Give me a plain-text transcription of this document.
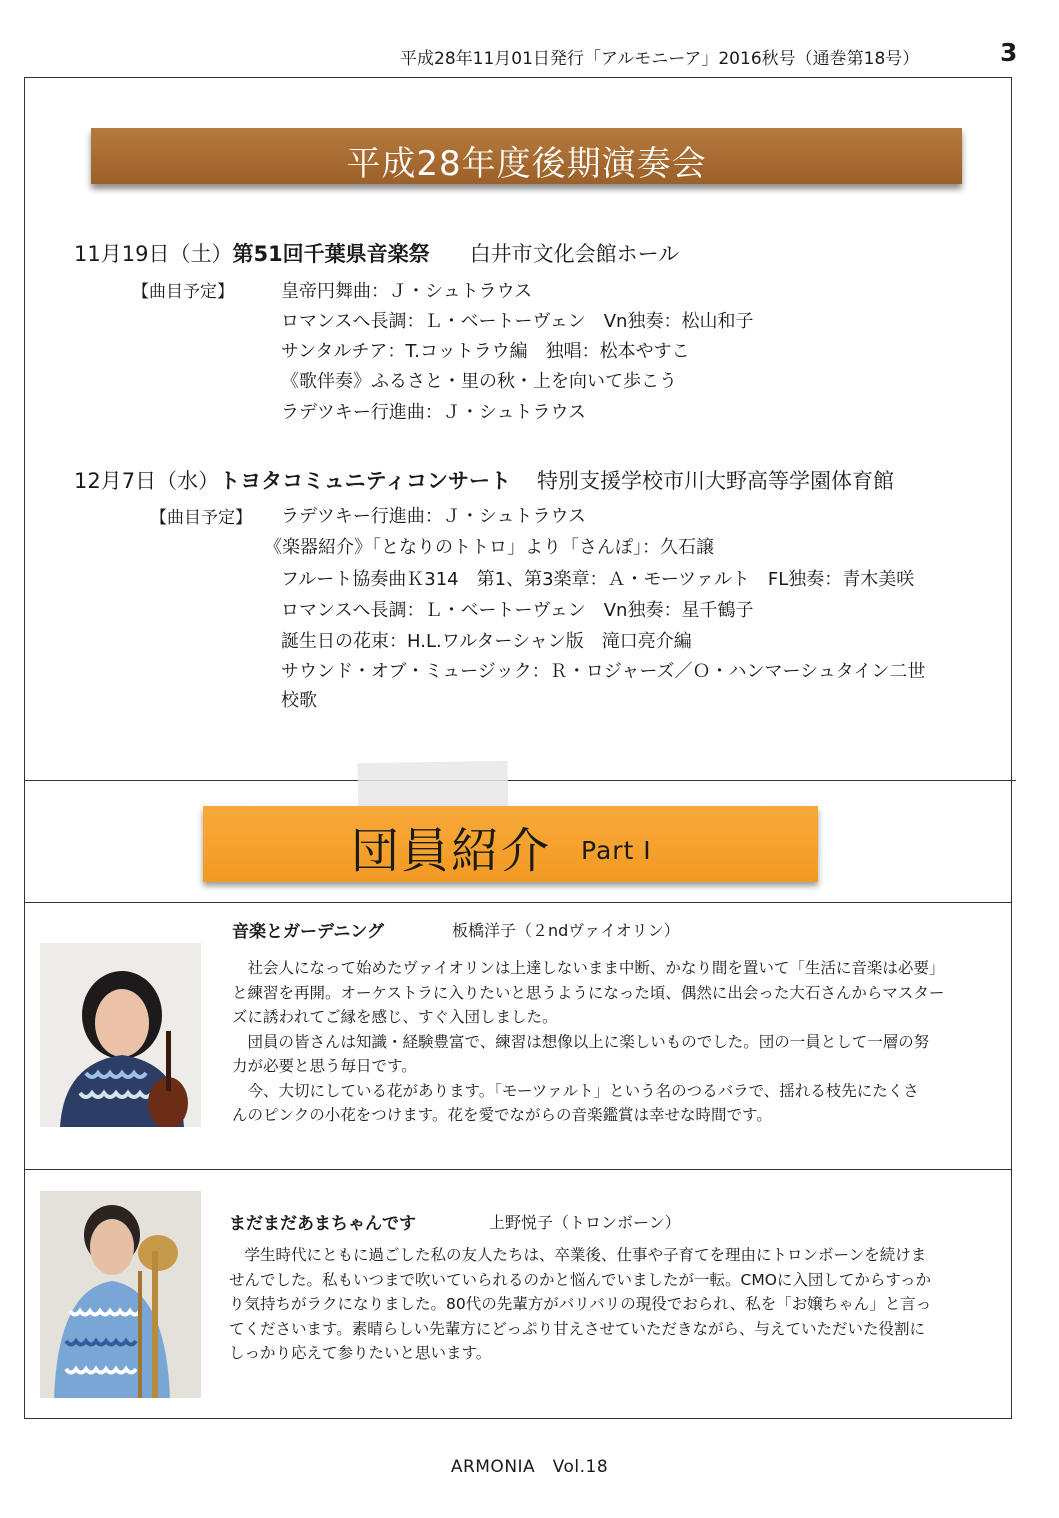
平成28年11月01日発行「アルモニーア」2016秋号（通巻第18号）	3
平成28年度後期演奏会
11月19日（土）第51回千葉県音楽祭 白井市文化会館ホール
【曲目予定】	皇帝円舞曲：Ｊ・シュトラウス
ロマンスへ長調：Ｌ・ベートーヴェン　Vn独奏：松山和子
サンタルチア：T.コットラウ編　独唱：松本やすこ
《歌伴奏》ふるさと・里の秋・上を向いて歩こう
ラデツキー行進曲：Ｊ・シュトラウス
12月7日（水）トヨタコミュニティコンサート 特別支援学校市川大野高等学園体育館
【曲目予定】 ラデツキー行進曲：Ｊ・シュトラウス
《楽器紹介》「となりのトトロ」より「さんぽ」：久石譲
フルート協奏曲Ｋ314　第1、第3楽章：Ａ・モーツァルト　FL独奏：青木美咲
ロマンスへ長調：Ｌ・ベートーヴェン　Vn独奏：星千鶴子
誕生日の花束：H.L.ワルターシャン版　滝口亮介編
サウンド・オブ・ミュージック：Ｒ・ロジャーズ／Ｏ・ハンマーシュタイン二世
校歌
団員紹介 Part I
音楽とガーデニング	板橋洋子（２ndヴァイオリン）
　社会人になって始めたヴァイオリンは上達しないまま中断、かなり間を置いて「生活に音楽は必要」
と練習を再開。オーケストラに入りたいと思うようになった頃、偶然に出会った大石さんからマスター
ズに誘われてご縁を感じ、すぐ入団しました。
　団員の皆さんは知識・経験豊富で、練習は想像以上に楽しいものでした。団の一員として一層の努
力が必要と思う毎日です。
　今、大切にしている花があります。「モーツァルト」という名のつるバラで、揺れる枝先にたくさ
んのピンクの小花をつけます。花を愛でながらの音楽鑑賞は幸せな時間です。
まだまだあまちゃんです	上野悦子（トロンボーン）
　学生時代にともに過ごした私の友人たちは、卒業後、仕事や子育てを理由にトロンボーンを続けま
せんでした。私もいつまで吹いていられるのかと悩んでいましたが一転。CMOに入団してからすっか
り気持ちがラクになりました。80代の先輩方がバリバリの現役でおられ、私を「お嬢ちゃん」と言っ
てくださいます。素晴らしい先輩方にどっぷり甘えさせていただきながら、与えていただいた役割に
しっかり応えて参りたいと思います。
ARMONIA　Vol.18
